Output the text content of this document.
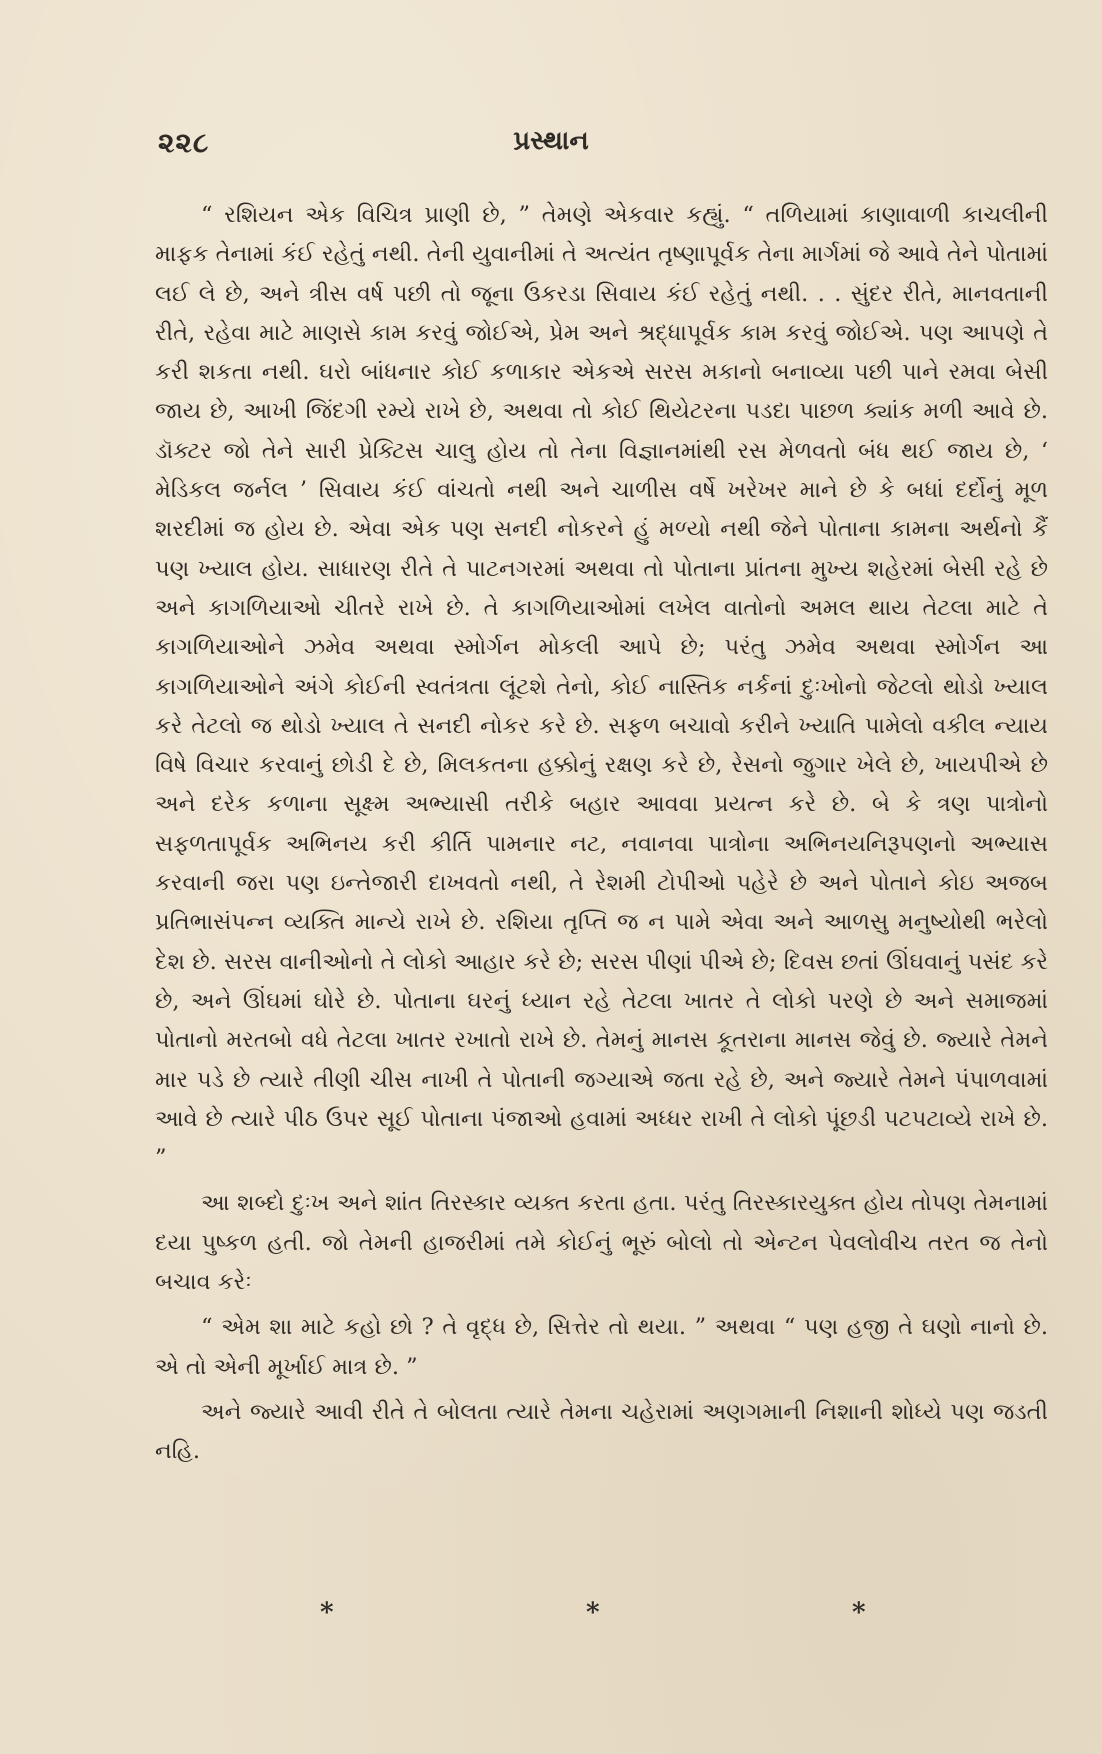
૨૨૮	પ્રસ્થાન

“ રશિયન એક વિચિત્ર પ્રાણી છે, ” તેમણે એકવાર કહ્યું. “ તળિયામાં કાણાવાળી કાચલીની માફક તેનામાં કંઈ રહેતું નથી. તેની યુવાનીમાં તે અત્યંત તૃષ્ણાપૂર્વક તેના માર્ગમાં જે આવે તેને પોતામાં લઈ લે છે, અને ત્રીસ વર્ષ પછી તો જૂના ઉકરડા સિવાય કંઈ રહેતું નથી. . . સુંદર રીતે, માનવતાની રીતે, રહેવા માટે માણસે કામ કરવું જોઈએ, પ્રેમ અને શ્રદ્ધાપૂર્વક કામ કરવું જોઈએ. પણ આપણે તે કરી શકતા નથી. ઘરો બાંધનાર કોઈ કળાકાર એકએ સરસ મકાનો બનાવ્યા પછી પાને રમવા બેસી જાય છે, આખી જિંદગી રમ્યે રાખે છે, અથવા તો કોઈ થિયેટરના પડદા પાછળ ક્યાંક મળી આવે છે. ડૉક્ટર જો તેને સારી પ્રેક્ટિસ ચાલુ હોય તો તેના વિજ્ઞાનમાંથી રસ મેળવતો બંધ થઈ જાય છે, ‘ મેડિકલ જર્નલ ’ સિવાય કંઈ વાંચતો નથી અને ચાળીસ વર્ષે ખરેખર માને છે કે બધાં દર્દોનું મૂળ શરદીમાં જ હોય છે. એવા એક પણ સનદી નોકરને હું મળ્યો નથી જેને પોતાના કામના અર્થનો કૈં પણ ખ્યાલ હોય. સાધારણ રીતે તે પાટનગરમાં અથવા તો પોતાના પ્રાંતના મુખ્ય શહેરમાં બેસી રહે છે અને કાગળિયાઓ ચીતરે રાખે છે. તે કાગળિયાઓમાં લખેલ વાતોનો અમલ થાય તેટલા માટે તે કાગળિયાઓને ઝમેવ અથવા સ્મોર્ગન મોકલી આપે છે; પરંતુ ઝમેવ અથવા સ્મોર્ગન આ કાગળિયાઓને અંગે કોઈની સ્વતંત્રતા લૂંટશે તેનો, કોઈ નાસ્તિક નર્કનાં દુઃખોનો જેટલો થોડો ખ્યાલ કરે તેટલો જ થોડો ખ્યાલ તે સનદી નોકર કરે છે. સફળ બચાવો કરીને ખ્યાતિ પામેલો વકીલ ન્યાય વિષે વિચાર કરવાનું છોડી દે છે, મિલકતના હક્કોનું રક્ષણ કરે છે, રેસનો જુગાર ખેલે છે, ખાયપીએ છે અને દરેક કળાના સૂક્ષ્મ અભ્યાસી તરીકે બહાર આવવા પ્રયત્ન કરે છે. બે કે ત્રણ પાત્રોનો સફળતાપૂર્વક અભિનય કરી કીર્તિ પામનાર નટ, નવાનવા પાત્રોના અભિનયનિરૂપણનો અભ્યાસ કરવાની જરા પણ ઇન્તેજારી દાખવતો નથી, તે રેશમી ટોપીઓ પહેરે છે અને પોતાને કોઇ અજબ પ્રતિભાસંપન્ન વ્યક્તિ માન્યે રાખે છે. રશિયા તૃપ્તિ જ ન પામે એવા અને આળસુ મનુષ્યોથી ભરેલો દેશ છે. સરસ વાનીઓનો તે લોકો આહાર કરે છે; સરસ પીણાં પીએ છે; દિવસ છતાં ઊંઘવાનું પસંદ કરે છે, અને ઊંઘમાં ઘોરે છે. પોતાના ઘરનું ધ્યાન રહે તેટલા ખાતર તે લોકો પરણે છે અને સમાજમાં પોતાનો મરતબો વધે તેટલા ખાતર રખાતો રાખે છે. તેમનું માનસ કૂતરાના માનસ જેવું છે. જ્યારે તેમને માર પડે છે ત્યારે તીણી ચીસ નાખી તે પોતાની જગ્યાએ જતા રહે છે, અને જ્યારે તેમને પંપાળવામાં આવે છે ત્યારે પીઠ ઉપર સૂઈ પોતાના પંજાઓ હવામાં અધ્ધર રાખી તે લોકો પૂંછડી પટપટાવ્યે રાખે છે. ”

આ શબ્દો દુઃખ અને શાંત તિરસ્કાર વ્યક્ત કરતા હતા. પરંતુ તિરસ્કારયુક્ત હોય તોપણ તેમનામાં દયા પુષ્કળ હતી. જો તેમની હાજરીમાં તમે કોઈનું ભૂરું બોલો તો એન્ટન પેવલોવીચ તરત જ તેનો બચાવ કરેઃ

“ એમ શા માટે કહો છો ? તે વૃદ્ધ છે, સિત્તેર તો થયા. ” અથવા “ પણ હજી તે ઘણો નાનો છે. એ તો એની મૂર્ખાઈ માત્ર છે. ”

અને જ્યારે આવી રીતે તે બોલતા ત્યારે તેમના ચહેરામાં અણગમાની નિશાની શોધ્યે પણ જડતી નહિ.

*	*	*
